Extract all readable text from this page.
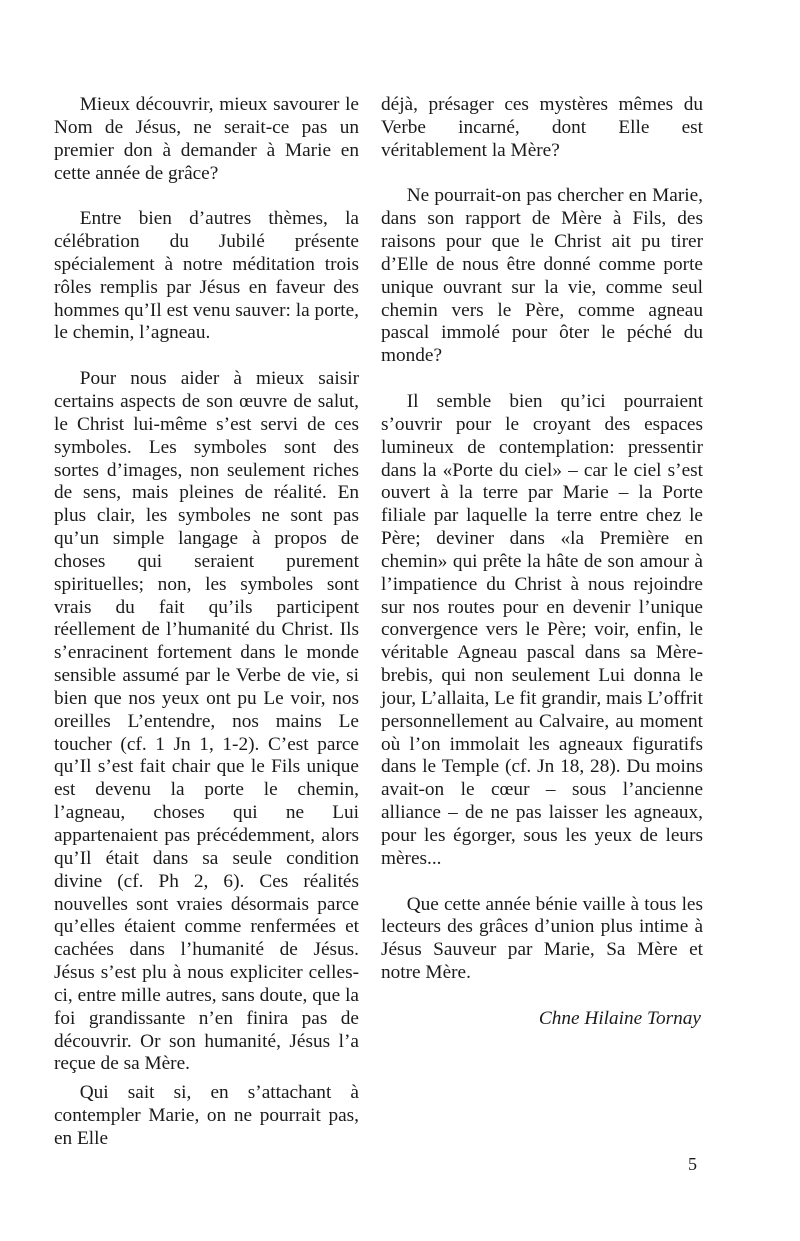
  Mieux découvrir, mieux savourer le Nom de Jésus, ne serait-ce pas un premier don à demander à Marie en cette année de grâce?

  Entre bien d’autres thèmes, la célébration du Jubilé présente spécialement à notre méditation trois rôles remplis par Jésus en faveur des hommes qu’Il est venu sauver: la porte, le chemin, l’agneau.

  Pour nous aider à mieux saisir certains aspects de son œuvre de salut, le Christ lui-même s’est servi de ces symboles. Les symboles sont des sortes d’images, non seulement riches de sens, mais pleines de réalité. En plus clair, les symboles ne sont pas qu’un simple langage à propos de choses qui seraient purement spirituelles; non, les symboles sont vrais du fait qu’ils participent réellement de l’humanité du Christ. Ils s’enracinent fortement dans le monde sensible assumé par le Verbe de vie, si bien que nos yeux ont pu Le voir, nos oreilles L’entendre, nos mains Le toucher (cf. 1 Jn 1, 1-2). C’est parce qu’Il s’est fait chair que le Fils unique est devenu la porte le chemin, l’agneau, choses qui ne Lui appartenaient pas précédemment, alors qu’Il était dans sa seule condition divine (cf. Ph 2, 6). Ces réalités nouvelles sont vraies désormais parce qu’elles étaient comme renfermées et cachées dans l’humanité de Jésus. Jésus s’est plu à nous expliciter celles-ci, entre mille autres, sans doute, que la foi grandissante n’en finira pas de découvrir. Or son humanité, Jésus l’a reçue de sa Mère.

  Qui sait si, en s’attachant à contempler Marie, on ne pourrait pas, en Elle

déjà, présager ces mystères mêmes du Verbe incarné, dont Elle est véritablement la Mère?

  Ne pourrait-on pas chercher en Marie, dans son rapport de Mère à Fils, des raisons pour que le Christ ait pu tirer d’Elle de nous être donné comme porte unique ouvrant sur la vie, comme seul chemin vers le Père, comme agneau pascal immolé pour ôter le péché du monde?

  Il semble bien qu’ici pourraient s’ouvrir pour le croyant des espaces lumineux de contemplation: pressentir dans la «Porte du ciel» – car le ciel s’est ouvert à la terre par Marie – la Porte filiale par laquelle la terre entre chez le Père; deviner dans «la Première en chemin» qui prête la hâte de son amour à l’impatience du Christ à nous rejoindre sur nos routes pour en devenir l’unique convergence vers le Père; voir, enfin, le véritable Agneau pascal dans sa Mère-brebis, qui non seulement Lui donna le jour, L’allaita, Le fit grandir, mais L’offrit personnellement au Calvaire, au moment où l’on immolait les agneaux figuratifs dans le Temple (cf. Jn 18, 28). Du moins avait-on le cœur – sous l’ancienne alliance – de ne pas laisser les agneaux, pour les égorger, sous les yeux de leurs mères...

  Que cette année bénie vaille à tous les lecteurs des grâces d’union plus intime à Jésus Sauveur par Marie, Sa Mère et notre Mère.

Chne Hilaine Tornay
5
